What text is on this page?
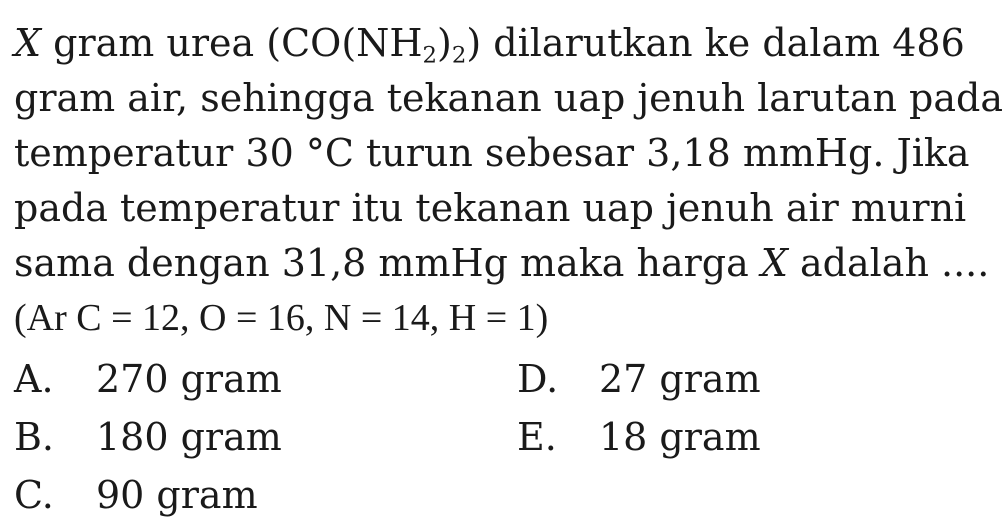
X gram urea $(CO(NH_2)_2)$ dilarutkan ke dalam 486
gram air, sehingga tekanan uap jenuh larutan pada
temperatur 30 °C turun sebesar 3,18 mmHg. Jika
pada temperatur itu tekanan uap jenuh air murni
sama dengan 31,8 mmHg maka harga X adalah ....
(Ar C = 12, O = 16, N = 14, H = 1)
A. 270 gram	D. 27 gram
B. 180 gram	E. 18 gram
C. 90 gram
